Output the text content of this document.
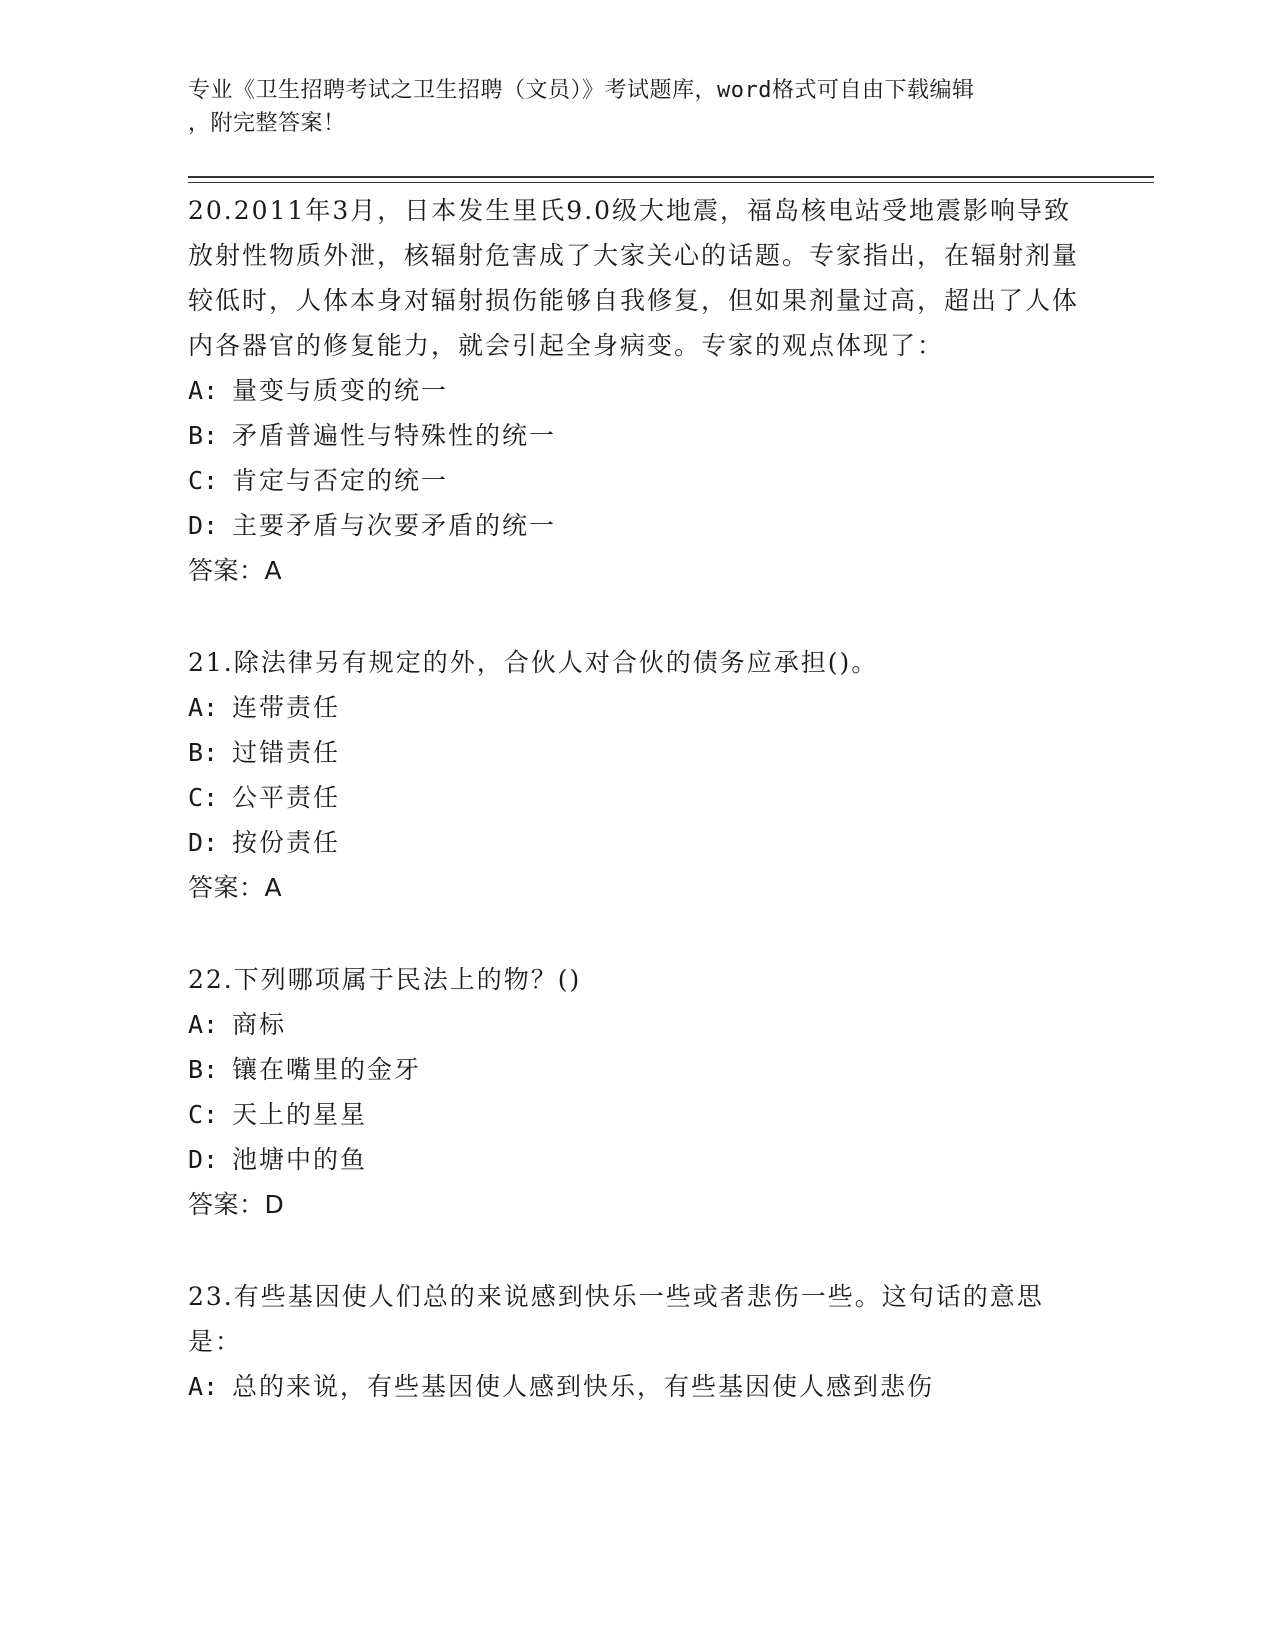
专业《卫生招聘考试之卫生招聘（文员）》考试题库，word格式可自由下载编辑
，附完整答案！

20.2011年3月，日本发生里氏9.0级大地震，福岛核电站受地震影响导致放射性物质外泄，核辐射危害成了大家关心的话题。专家指出，在辐射剂量较低时，人体本身对辐射损伤能够自我修复，但如果剂量过高，超出了人体内各器官的修复能力，就会引起全身病变。专家的观点体现了：

A: 量变与质变的统一

B: 矛盾普遍性与特殊性的统一

C: 肯定与否定的统一

D: 主要矛盾与次要矛盾的统一

答案：A

21.除法律另有规定的外，合伙人对合伙的债务应承担()。

A: 连带责任

B: 过错责任

C: 公平责任

D: 按份责任

答案：A

22.下列哪项属于民法上的物？()

A: 商标

B: 镶在嘴里的金牙

C: 天上的星星

D: 池塘中的鱼

答案：D

23.有些基因使人们总的来说感到快乐一些或者悲伤一些。这句话的意思是：

A: 总的来说，有些基因使人感到快乐，有些基因使人感到悲伤
